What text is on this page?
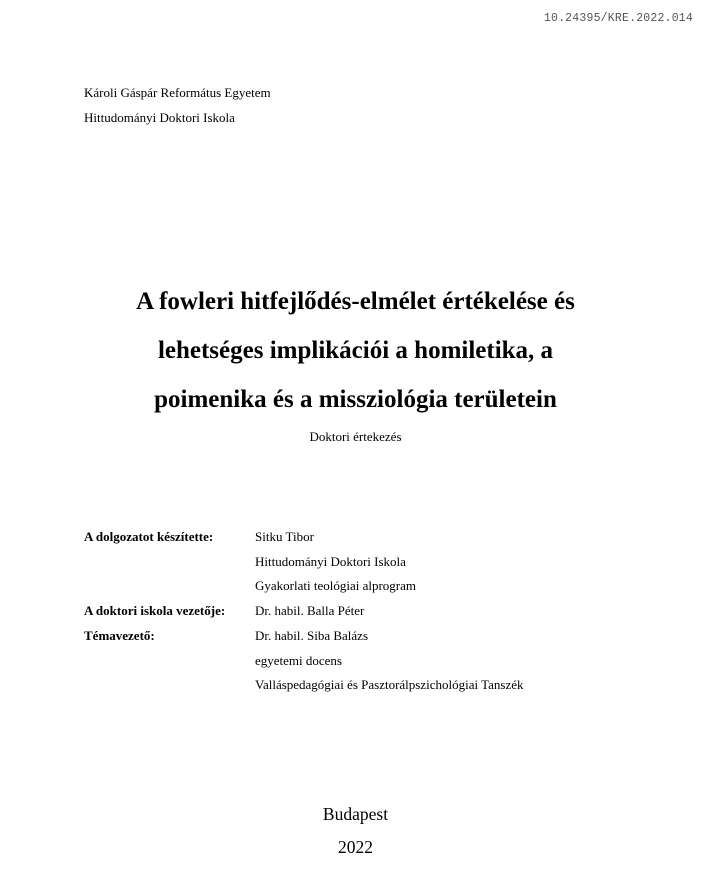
10.24395/KRE.2022.014
Károli Gáspár Református Egyetem
Hittudományi Doktori Iskola
A fowleri hitfejlődés-elmélet értékelése és
lehetséges implikációi a homiletika, a
poimenika és a missziológia területein
Doktori értekezés
A dolgozatot készítette:	Sitku Tibor
Hittudományi Doktori Iskola
Gyakorlati teológiai alprogram
A doktori iskola vezetője:	Dr. habil. Balla Péter
Témavezető:	Dr. habil. Siba Balázs
egyetemi docens
Valláspedagógiai és Pasztorálpszichológiai Tanszék
Budapest
2022
